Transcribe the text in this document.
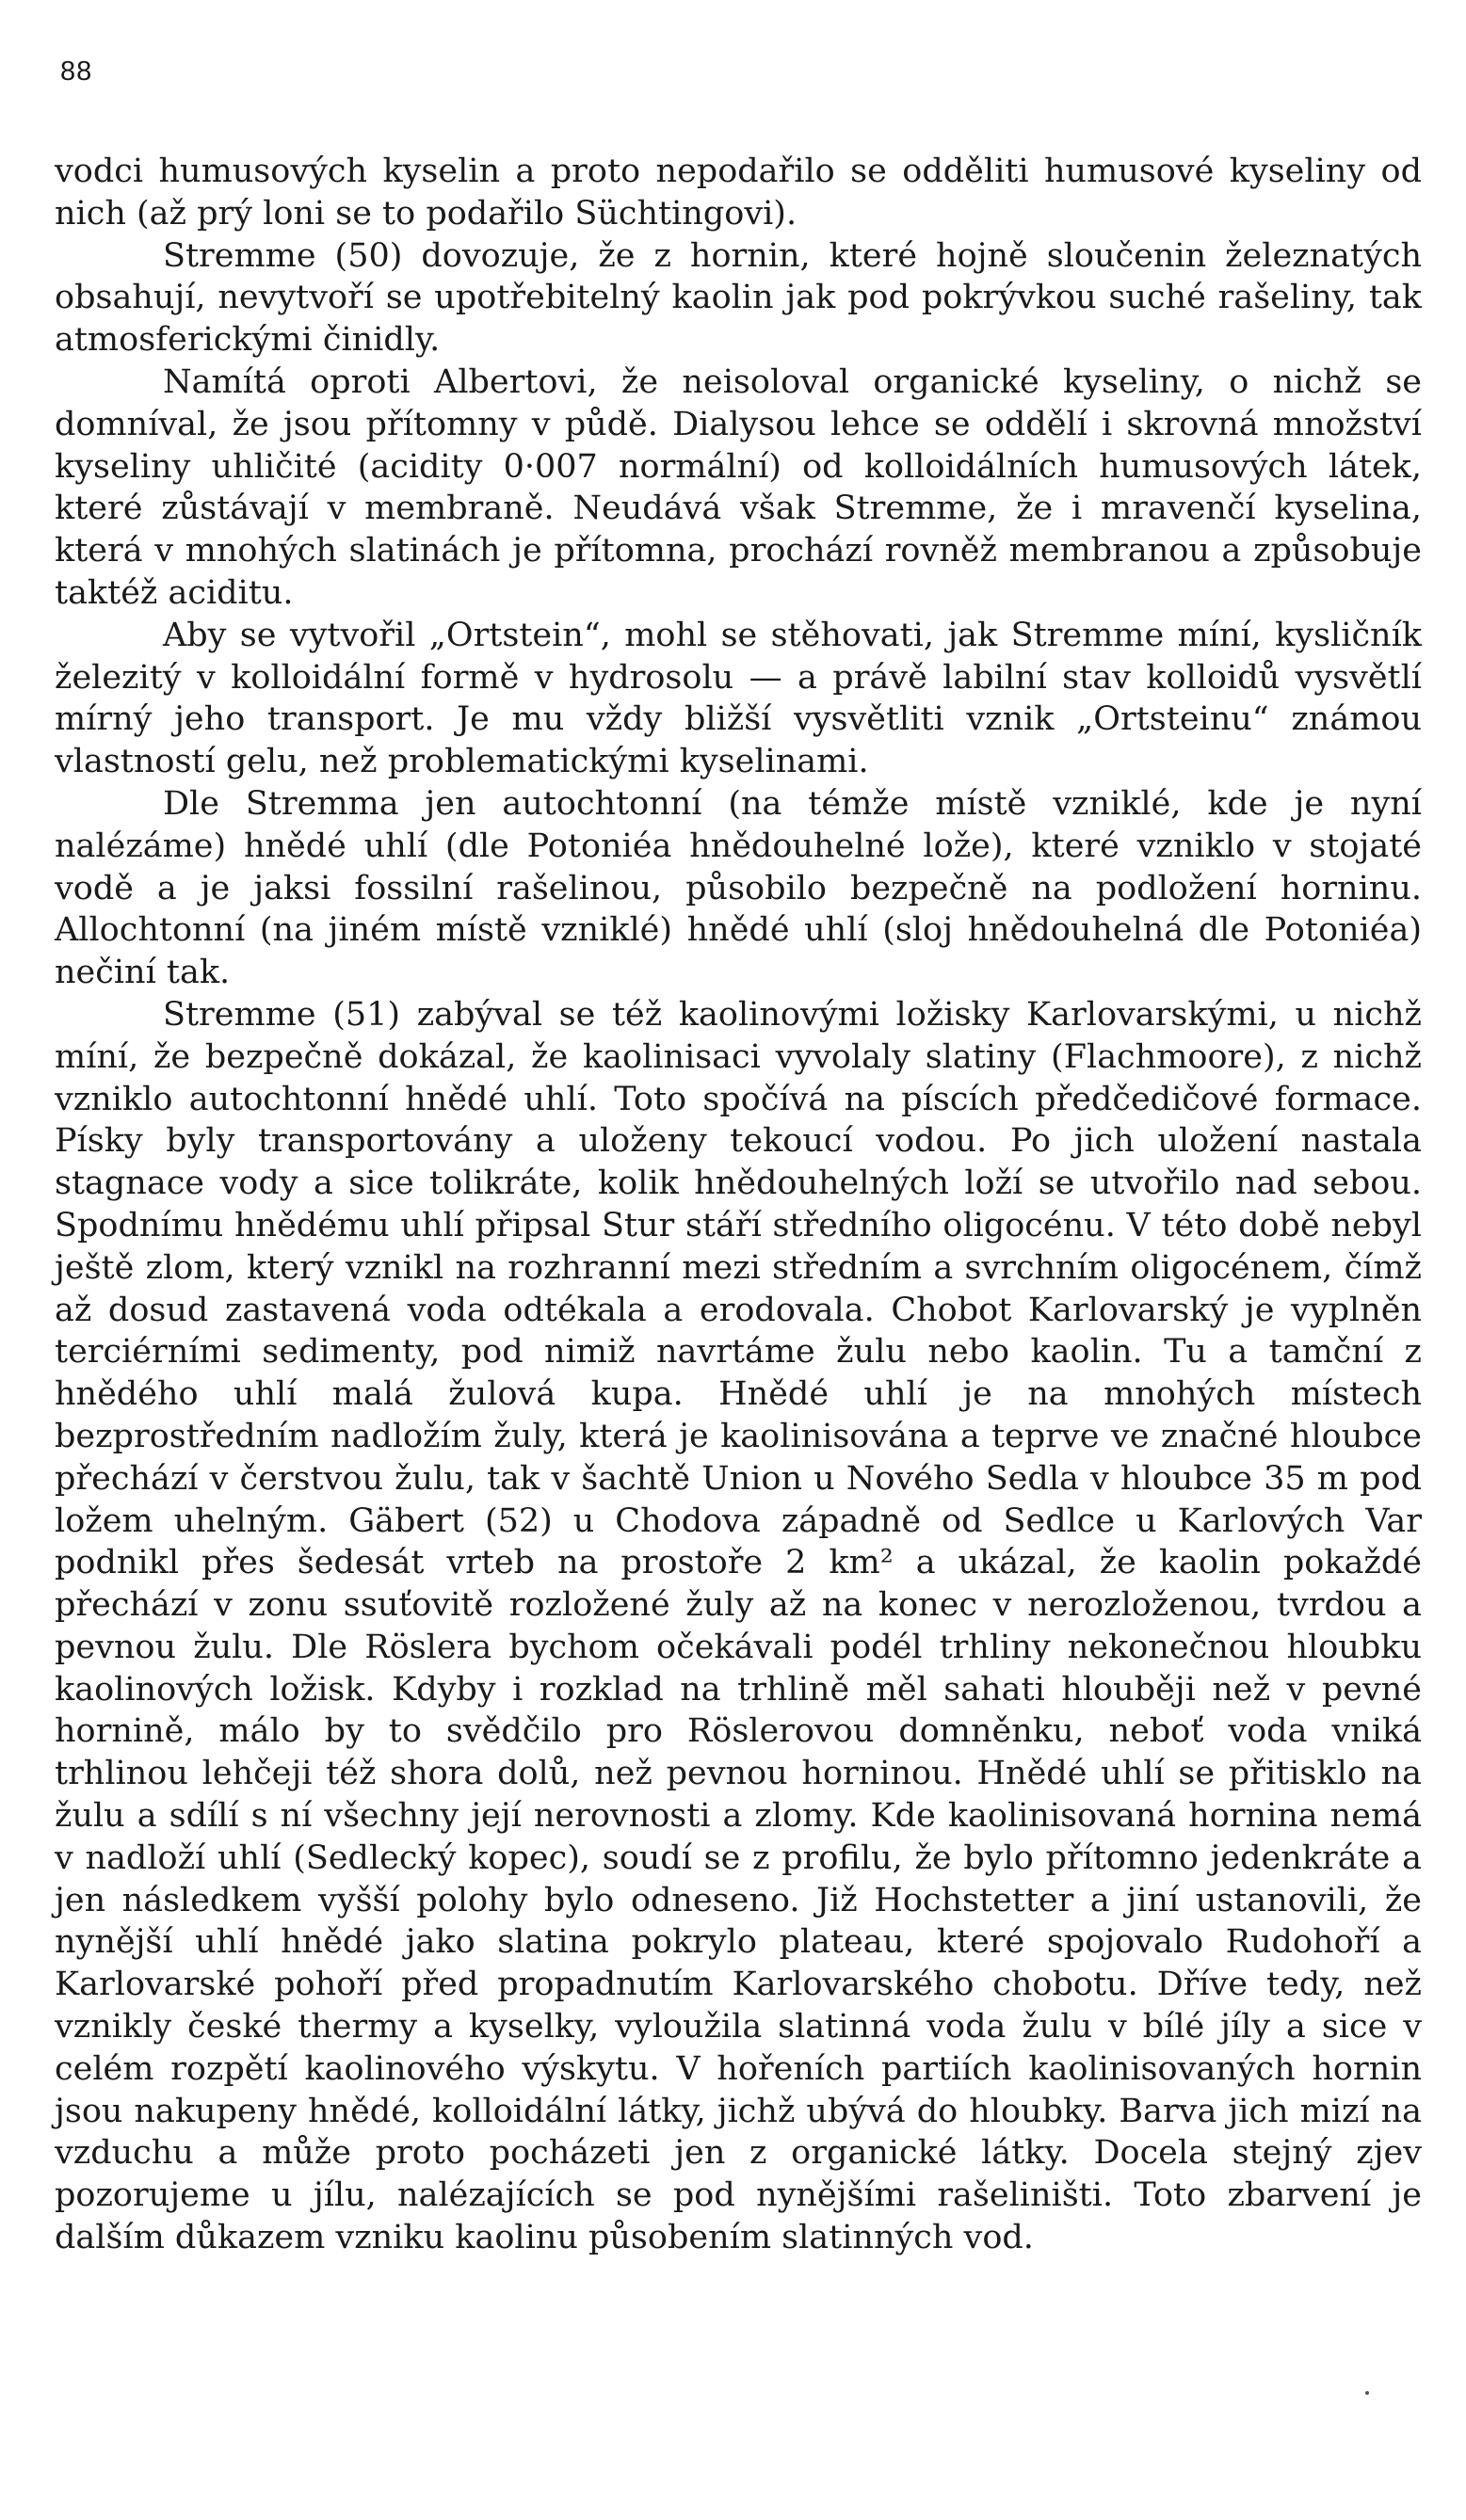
88

vodci humusových kyselin a proto nepodařilo se odděliti humusové kyseliny od nich (až prý loni se to podařilo Süchtingovi).

Stremme (50) dovozuje, že z hornin, které hojně sloučenin železnatých obsahují, nevytvoří se upotřebitelný kaolin jak pod pokrývkou suché rašeliny, tak atmosferickými činidly.

Namítá oproti Albertovi, že neisoloval organické kyseliny, o nichž se domníval, že jsou přítomny v půdě. Dialysou lehce se oddělí i skrovná množství kyseliny uhličité (acidity 0·007 normální) od kolloidálních humusových látek, které zůstávají v membraně. Neudává však Stremme, že i mravenčí kyselina, která v mnohých slatinách je přítomna, prochází rovněž membranou a způsobuje taktéž aciditu.

Aby se vytvořil „Ortstein“, mohl se stěhovati, jak Stremme míní, kysličník železitý v kolloidální formě v hydrosolu — a právě labilní stav kolloidů vysvětlí mírný jeho transport. Je mu vždy bližší vysvětliti vznik „Ortsteinu“ známou vlastností gelu, než problematickými kyselinami.

Dle Stremma jen autochtonní (na témže místě vzniklé, kde je nyní nalézáme) hnědé uhlí (dle Potoniéa hnědouhelné lože), které vzniklo v stojaté vodě a je jaksi fossilní rašelinou, působilo bezpečně na podložení horninu. Allochtonní (na jiném místě vzniklé) hnědé uhlí (sloj hnědouhelná dle Potoniéa) nečiní tak.

Stremme (51) zabýval se též kaolinovými ložisky Karlovarskými, u nichž míní, že bezpečně dokázal, že kaolinisaci vyvolaly slatiny (Flachmoore), z nichž vzniklo autochtonní hnědé uhlí. Toto spočívá na píscích předčedičové formace. Písky byly transportovány a uloženy tekoucí vodou. Po jich uložení nastala stagnace vody a sice tolikráte, kolik hnědouhelných loží se utvořilo nad sebou. Spodnímu hnědému uhlí připsal Stur stáří středního oligocénu. V této době nebyl ještě zlom, který vznikl na rozhranní mezi středním a svrchním oligocénem, čímž až dosud zastavená voda odtékala a erodovala. Chobot Karlovarský je vyplněn terciérními sedimenty, pod nimiž navrtáme žulu nebo kaolin. Tu a tamční z hnědého uhlí malá žulová kupa. Hnědé uhlí je na mnohých místech bezprostředním nadložím žuly, která je kaolinisována a teprve ve značné hloubce přechází v čerstvou žulu, tak v šachtě Union u Nového Sedla v hloubce 35 m pod ložem uhelným. Gäbert (52) u Chodova západně od Sedlce u Karlových Var podnikl přes šedesát vrteb na prostoře 2 km² a ukázal, že kaolin pokaždé přechází v zonu ssuťovitě rozložené žuly až na konec v nerozloženou, tvrdou a pevnou žulu. Dle Röslera bychom očekávali podél trhliny nekonečnou hloubku kaolinových ložisk. Kdyby i rozklad na trhlině měl sahati hlouběji než v pevné hornině, málo by to svědčilo pro Röslerovou domněnku, neboť voda vniká trhlinou lehčeji též shora dolů, než pevnou horninou. Hnědé uhlí se přitisklo na žulu a sdílí s ní všechny její nerovnosti a zlomy. Kde kaolinisovaná hornina nemá v nadloží uhlí (Sedlecký kopec), soudí se z profilu, že bylo přítomno jedenkráte a jen následkem vyšší polohy bylo odneseno. Již Hochstetter a jiní ustanovili, že nynější uhlí hnědé jako slatina pokrylo plateau, které spojovalo Rudohoří a Karlovarské pohoří před propadnutím Karlovarského chobotu. Dříve tedy, než vznikly české thermy a kyselky, vyloužila slatinná voda žulu v bílé jíly a sice v celém rozpětí kaolinového výskytu. V hořeních partiích kaolinisovaných hornin jsou nakupeny hnědé, kolloidální látky, jichž ubývá do hloubky. Barva jich mizí na vzduchu a může proto pocházeti jen z organické látky. Docela stejný zjev pozorujeme u jílu, nalézajících se pod nynějšími rašeliništi. Toto zbarvení je dalším důkazem vzniku kaolinu působením slatinných vod.
